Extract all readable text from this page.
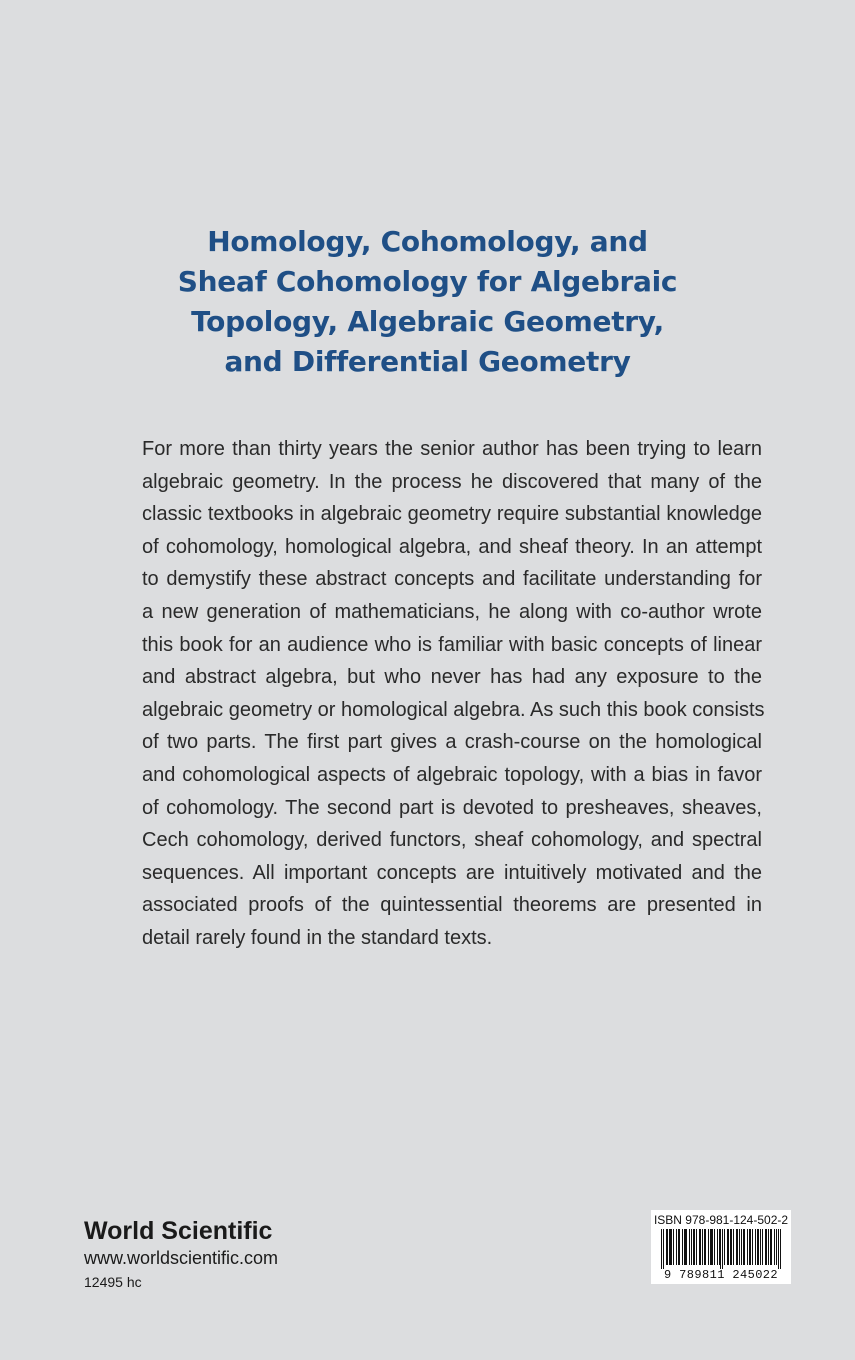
Homology, Cohomology, and
Sheaf Cohomology for Algebraic
Topology, Algebraic Geometry,
and Differential Geometry
For more than thirty years the senior author has been trying to learn
algebraic geometry. In the process he discovered that many of the
classic textbooks in algebraic geometry require substantial knowledge
of cohomology, homological algebra, and sheaf theory. In an attempt
to demystify these abstract concepts and facilitate understanding for
a new generation of mathematicians, he along with co-author wrote
this book for an audience who is familiar with basic concepts of linear
and abstract algebra, but who never has had any exposure to the
algebraic geometry or homological algebra. As such this book consists
of two parts. The first part gives a crash-course on the homological
and cohomological aspects of algebraic topology, with a bias in favor
of cohomology. The second part is devoted to presheaves, sheaves,
Cech cohomology, derived functors, sheaf cohomology, and spectral
sequences. All important concepts are intuitively motivated and the
associated proofs of the quintessential theorems are presented in
detail rarely found in the standard texts.
World Scientific
www.worldscientific.com
12495 hc
ISBN 978-981-124-502-2
9 789811 245022
